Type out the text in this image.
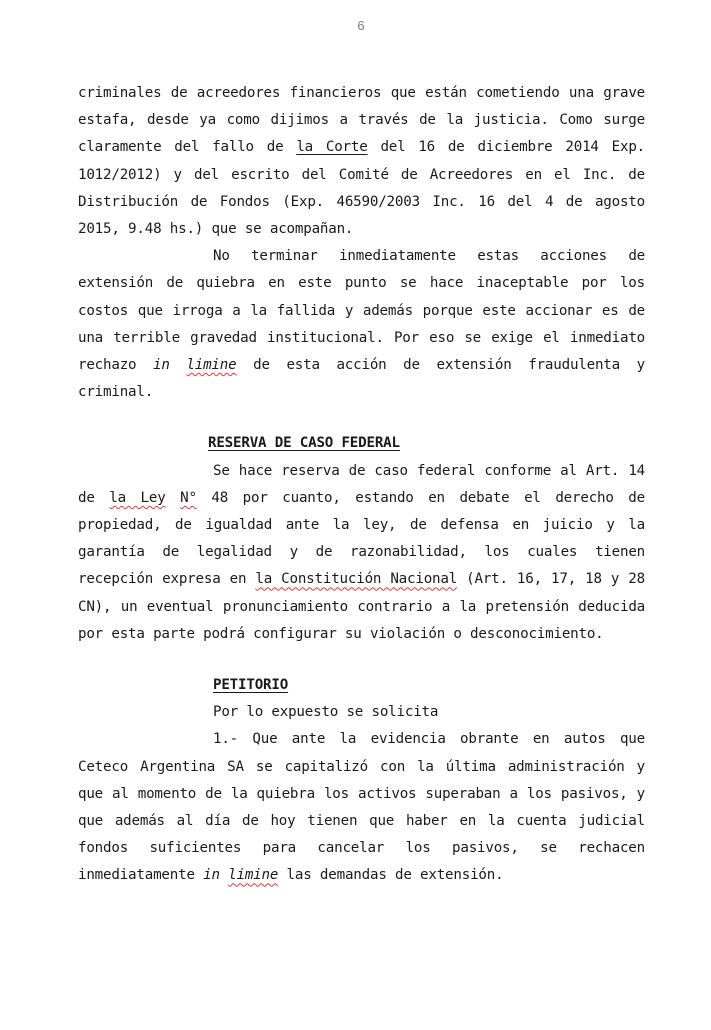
6

criminales de acreedores financieros que están cometiendo una grave estafa, desde ya como dijimos a través de la justicia. Como surge claramente del fallo de la Corte del 16 de diciembre 2014 Exp. 1012/2012) y del escrito del Comité de Acreedores en el Inc. de Distribución de Fondos (Exp. 46590/2003 Inc. 16 del 4 de agosto 2015, 9.48 hs.) que se acompañan.

No terminar inmediatamente estas acciones de extensión de quiebra en este punto se hace inaceptable por los costos que irroga a la fallida y además porque este accionar es de una terrible gravedad institucional. Por eso se exige el inmediato rechazo in limine de esta acción de extensión fraudulenta y criminal.

RESERVA DE CASO FEDERAL

Se hace reserva de caso federal conforme al Art. 14 de la Ley N° 48 por cuanto, estando en debate el derecho de propiedad, de igualdad ante la ley, de defensa en juicio y la garantía de legalidad y de razonabilidad, los cuales tienen recepción expresa en la Constitución Nacional (Art. 16, 17, 18 y 28 CN), un eventual pronunciamiento contrario a la pretensión deducida por esta parte podrá configurar su violación o desconocimiento.

PETITORIO

Por lo expuesto se solicita

1.- Que ante la evidencia obrante en autos que Ceteco Argentina SA se capitalizó con la última administración y que al momento de la quiebra los activos superaban a los pasivos, y que además al día de hoy tienen que haber en la cuenta judicial fondos suficientes para cancelar los pasivos, se rechacen inmediatamente in limine las demandas de extensión.
